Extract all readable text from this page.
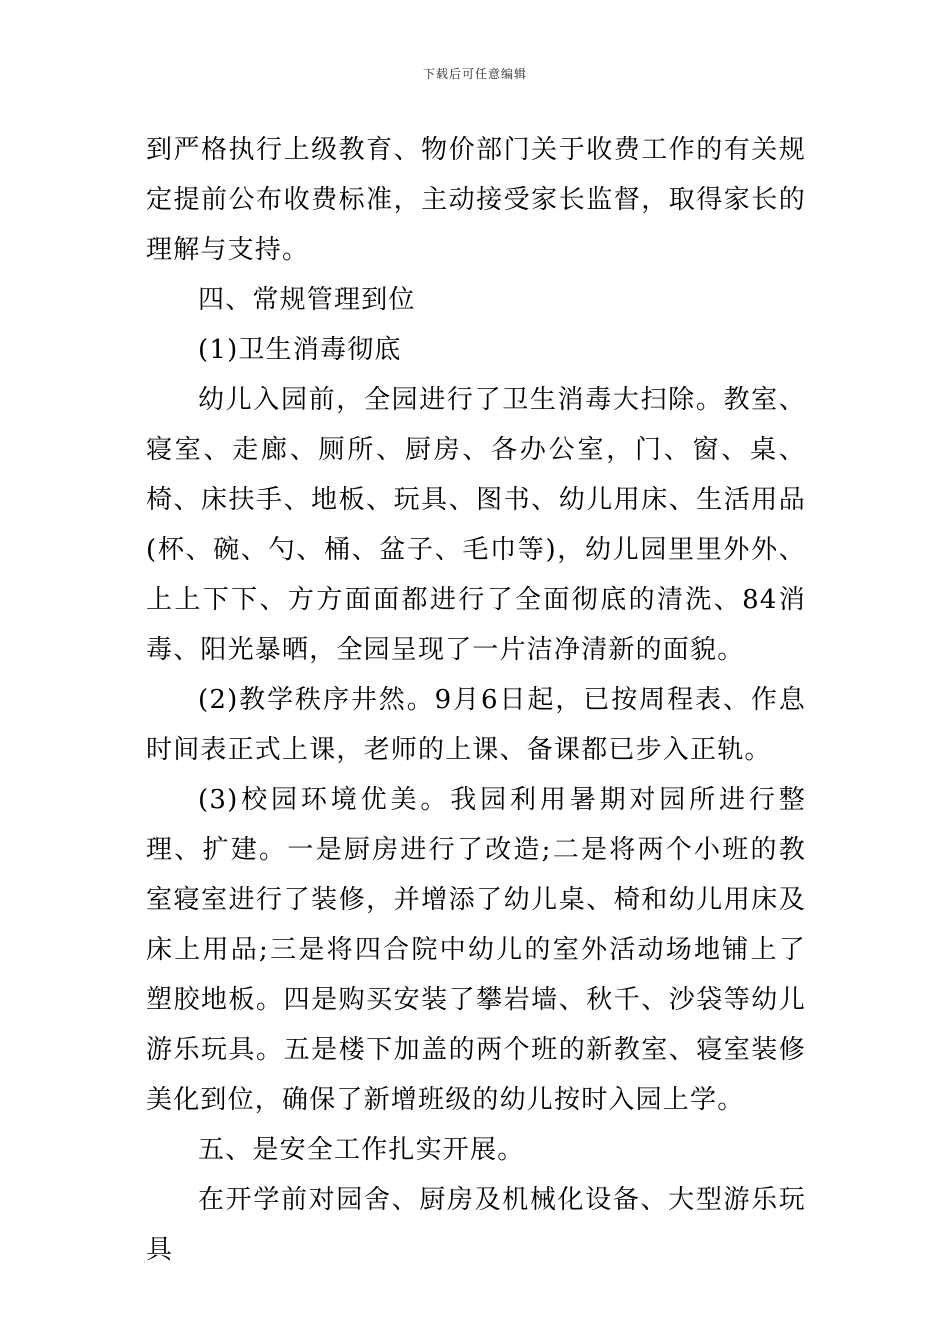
下载后可任意编辑

到严格执行上级教育、物价部门关于收费工作的有关规定提前公布收费标准，主动接受家长监督，取得家长的理解与支持。

四、常规管理到位

(1)卫生消毒彻底

幼儿入园前，全园进行了卫生消毒大扫除。教室、寝室、走廊、厕所、厨房、各办公室，门、窗、桌、椅、床扶手、地板、玩具、图书、幼儿用床、生活用品(杯、碗、勺、桶、盆子、毛巾等)，幼儿园里里外外、上上下下、方方面面都进行了全面彻底的清洗、84消毒、阳光暴晒，全园呈现了一片洁净清新的面貌。

(2)教学秩序井然。9月6日起，已按周程表、作息时间表正式上课，老师的上课、备课都已步入正轨。

(3)校园环境优美。我园利用暑期对园所进行整理、扩建。一是厨房进行了改造;二是将两个小班的教室寝室进行了装修，并增添了幼儿桌、椅和幼儿用床及床上用品;三是将四合院中幼儿的室外活动场地铺上了塑胶地板。四是购买安装了攀岩墙、秋千、沙袋等幼儿游乐玩具。五是楼下加盖的两个班的新教室、寝室装修美化到位，确保了新增班级的幼儿按时入园上学。

五、是安全工作扎实开展。

在开学前对园舍、厨房及机械化设备、大型游乐玩具
